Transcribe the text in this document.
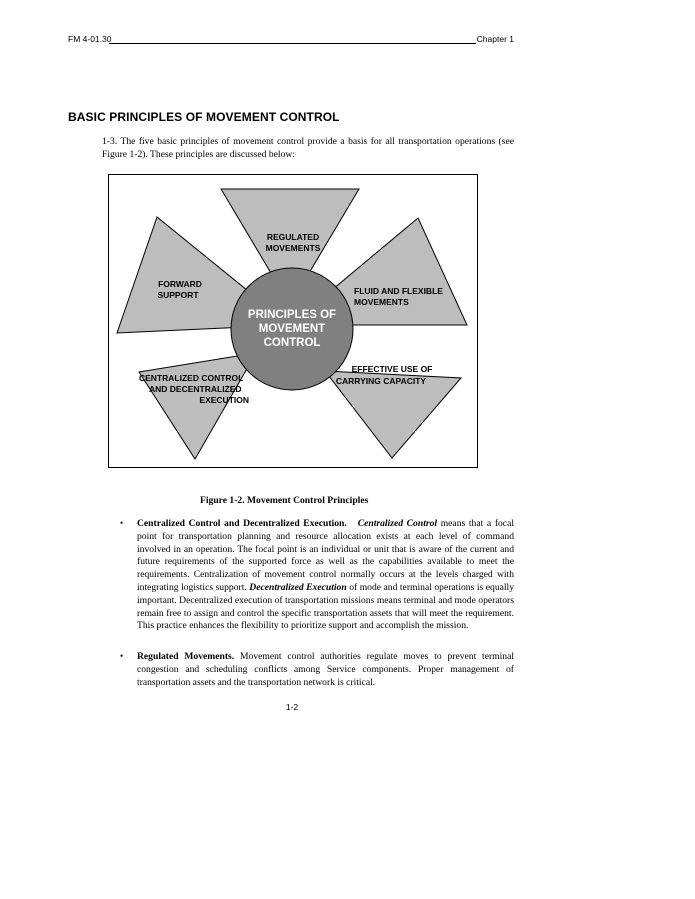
FM 4-01.30	Chapter 1
BASIC PRINCIPLES OF MOVEMENT CONTROL
1-3. The five basic principles of movement control provide a basis for all transportation operations (see Figure 1-2). These principles are discussed below:
REGULATED
MOVEMENTS
FORWARD
SUPPORT	FLUID AND FLEXIBLE
MOVEMENTS
EFFECTIVE USE OF
CARRYING CAPACITY
CENTRALIZED CONTROL
AND DECENTRALIZED
EXECUTION
PRINCIPLES OF
MOVEMENT
CONTROL
Figure 1-2. Movement Control Principles
• Centralized Control and Decentralized Execution. Centralized Control means that a focal point for transportation planning and resource allocation exists at each level of command involved in an operation. The focal point is an individual or unit that is aware of the current and future requirements of the supported force as well as the capabilities available to meet the requirements. Centralization of movement control normally occurs at the levels charged with integrating logistics support. Decentralized Execution of mode and terminal operations is equally important. Decentralized execution of transportation missions means terminal and mode operators remain free to assign and control the specific transportation assets that will meet the requirement. This practice enhances the flexibility to prioritize support and accomplish the mission.
• Regulated Movements. Movement control authorities regulate moves to prevent terminal congestion and scheduling conflicts among Service components. Proper management of transportation assets and the transportation network is critical.
1-2
